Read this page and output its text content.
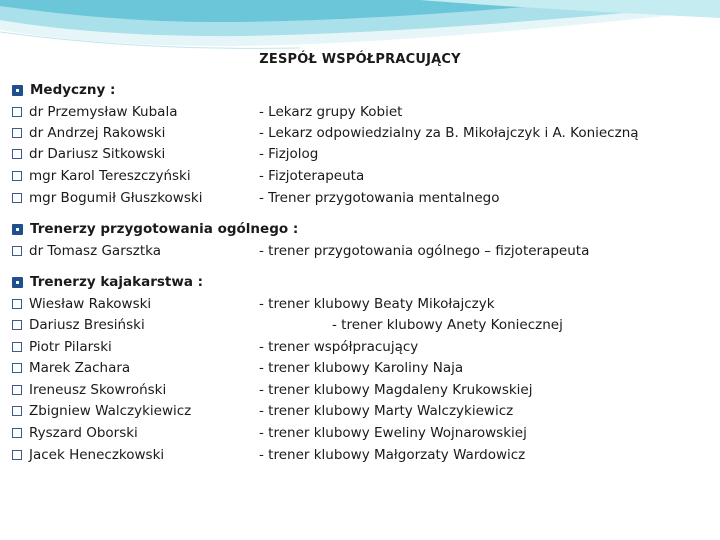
ZESPÓŁ WSPÓŁPRACUJĄCY
Medyczny :
dr Przemysław Kubala	- Lekarz grupy Kobiet
dr Andrzej Rakowski	- Lekarz odpowiedzialny za B. Mikołajczyk i A. Konieczną
dr Dariusz Sitkowski	- Fizjolog
mgr Karol Tereszczyński	- Fizjoterapeuta
mgr Bogumił Głuszkowski	- Trener przygotowania mentalnego
Trenerzy przygotowania ogólnego :
dr Tomasz Garsztka	- trener przygotowania ogólnego – fizjoterapeuta
Trenerzy kajakarstwa :
Wiesław Rakowski	- trener klubowy Beaty Mikołajczyk
Dariusz Bresiński	- trener klubowy Anety Koniecznej
Piotr Pilarski	- trener współpracujący
Marek Zachara	- trener klubowy Karoliny Naja
Ireneusz Skowroński	- trener klubowy Magdaleny Krukowskiej
Zbigniew Walczykiewicz	- trener klubowy Marty Walczykiewicz
Ryszard Oborski	- trener klubowy Eweliny Wojnarowskiej
Jacek Heneczkowski	- trener klubowy Małgorzaty Wardowicz
